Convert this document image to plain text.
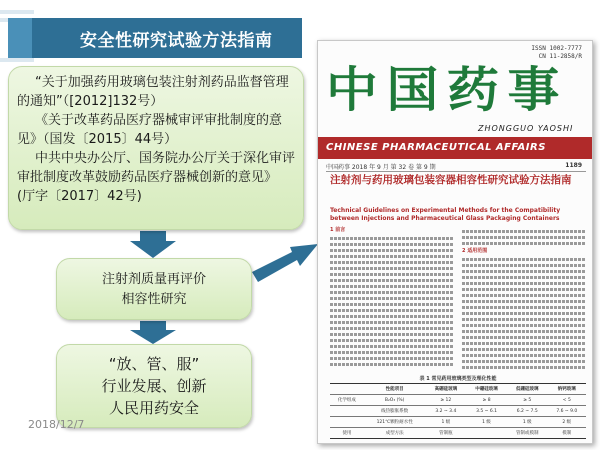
安全性研究试验方法指南

“关于加强药用玻璃包装注射剂药品监督管理的通知”（[2012]132号）

《关于改革药品医疗器械审评审批制度的意见》（国发〔2015〕44号）

中共中央办公厅、国务院办公厅关于深化审评审批制度改革鼓励药品医疗器械创新的意见》(厅字〔2017〕42号)

注射剂质量再评价
相容性研究
“放、管、服”
行业发展、创新
人民用药安全
2018/12/7
ISSN 1002-7777
CN 11-2858/R
中国药事
ZHONGGUO YAOSHI
CHINESE PHARMACEUTICAL AFFAIRS
中国药事 2018 年 9 月 第 32 卷 第 9 期	1189
注射剂与药用玻璃包装容器相容性研究试验方法指南
Technical Guidelines on Experimental Methods for the Compatibility between Injections and Pharmaceutical Glass Packaging Containers
1 前言
2 适用范围
表 1 常见药用玻璃类型及理化性能
	性能项目	高硼硅玻璃	中硼硅玻璃	低硼硅玻璃	钠钙玻璃
化学组成	B₂O₃ (%)	≥ 12	≥ 8	≥ 5	< 5
	线热膨胀系数	3.2 ~ 3.4	3.5 ~ 6.1	6.2 ~ 7.5	7.6 ~ 9.0
	121℃颗粒耐水性	1 级	1 级	1 级	2 级
使用	成型方法	管制瓶		管制或模制	模制
